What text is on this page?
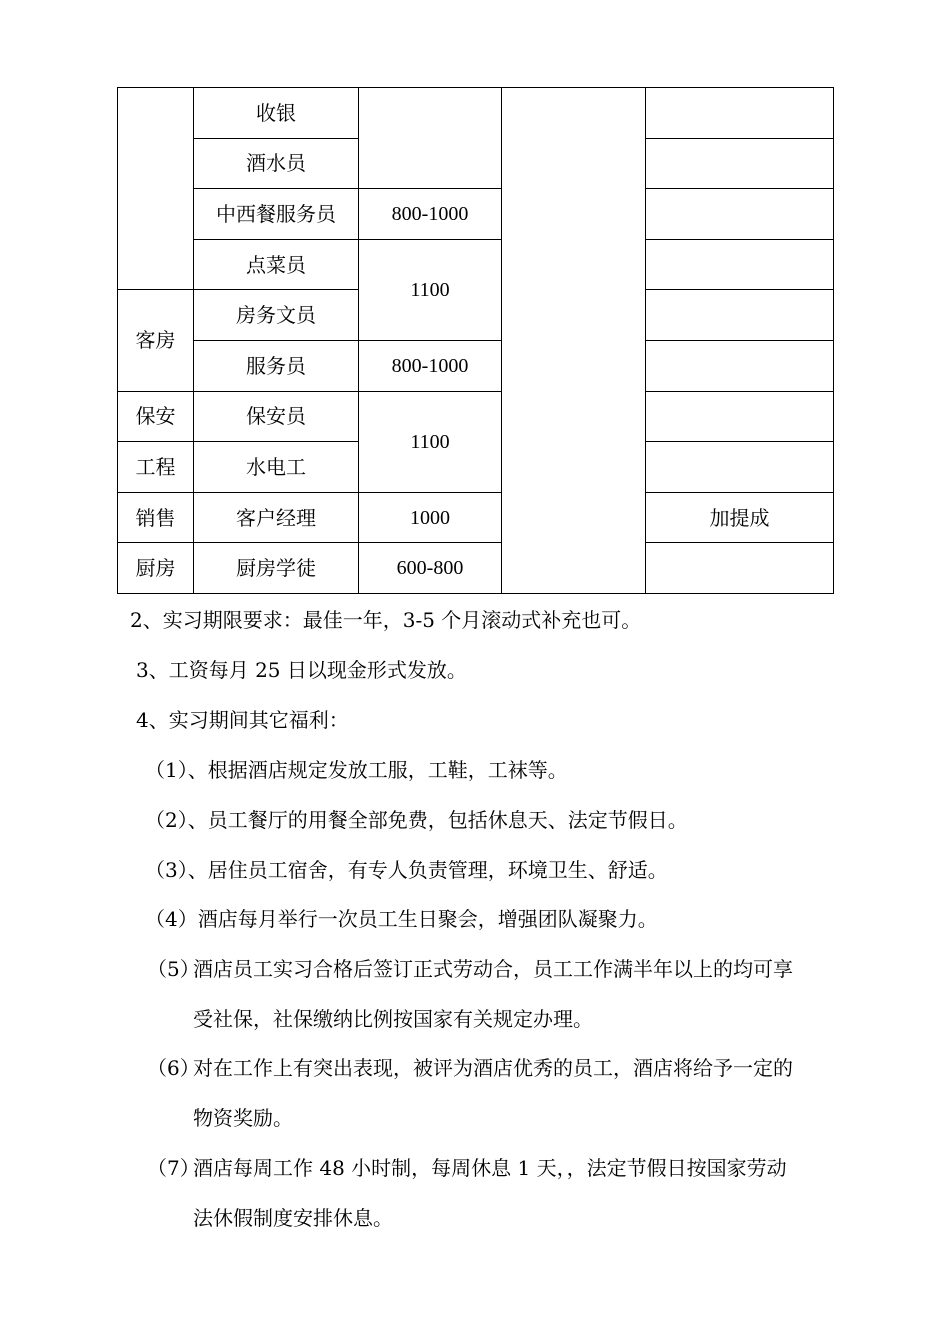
	收银			
	酒水员			
	中西餐服务员	800-1000		
	点菜员	1100		
客房	房务文员			
	服务员	800-1000		
保安	保安员	1100		
工程	水电工			
销售	客户经理	1000		加提成
厨房	厨房学徒	600-800		
2、实习期限要求：最佳一年，3-5 个月滚动式补充也可。
3、工资每月 25 日以现金形式发放。
4、实习期间其它福利：
（1）、根据酒店规定发放工服，工鞋，工袜等。
（2）、员工餐厅的用餐全部免费，包括休息天、法定节假日。
（3）、居住员工宿舍，有专人负责管理，环境卫生、舒适。
（4）酒店每月举行一次员工生日聚会，增强团队凝聚力。
（5）
酒店员工实习合格后签订正式劳动合，员工工作满半年以上的均可享
受社保，社保缴纳比例按国家有关规定办理。
（6）
对在工作上有突出表现，被评为酒店优秀的员工，酒店将给予一定的
物资奖励。
（7）
酒店每周工作 48 小时制，每周休息 1 天，，法定节假日按国家劳动
法休假制度安排休息。
